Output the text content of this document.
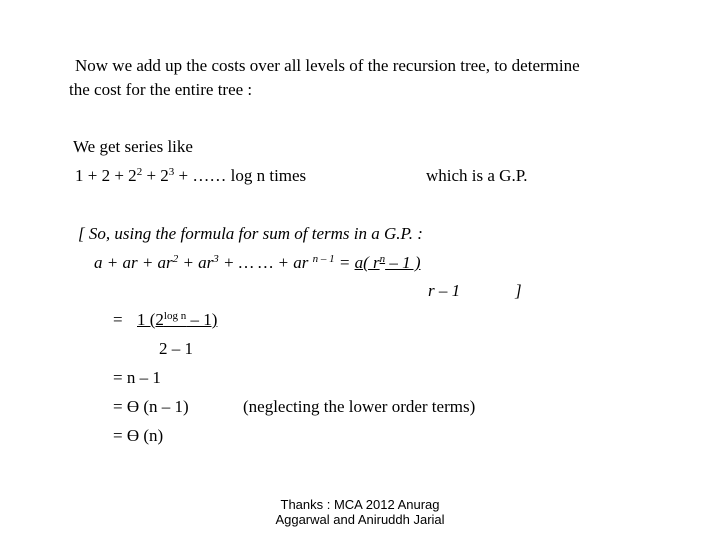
Now we add up the costs over all levels of the recursion tree, to determine
the cost for the entire tree :
We get series like
$1 + 2 + 2^2 + 2^3$ + …… log n times	which is a G.P.
[ So, using the formula for sum of terms in a G.P. :
a + ar + $ar^2 + ar^3$ + … … + ar $^{n - 1}$ = a( $r^n - 1$ )
r – 1	]
= 1 $(2^{log n} - 1)$
2 – 1
= n – 1
= ϴ (n – 1)	(neglecting the lower order terms)
= ϴ (n)
Thanks : MCA 2012 Anurag
Aggarwal and Aniruddh Jarial
